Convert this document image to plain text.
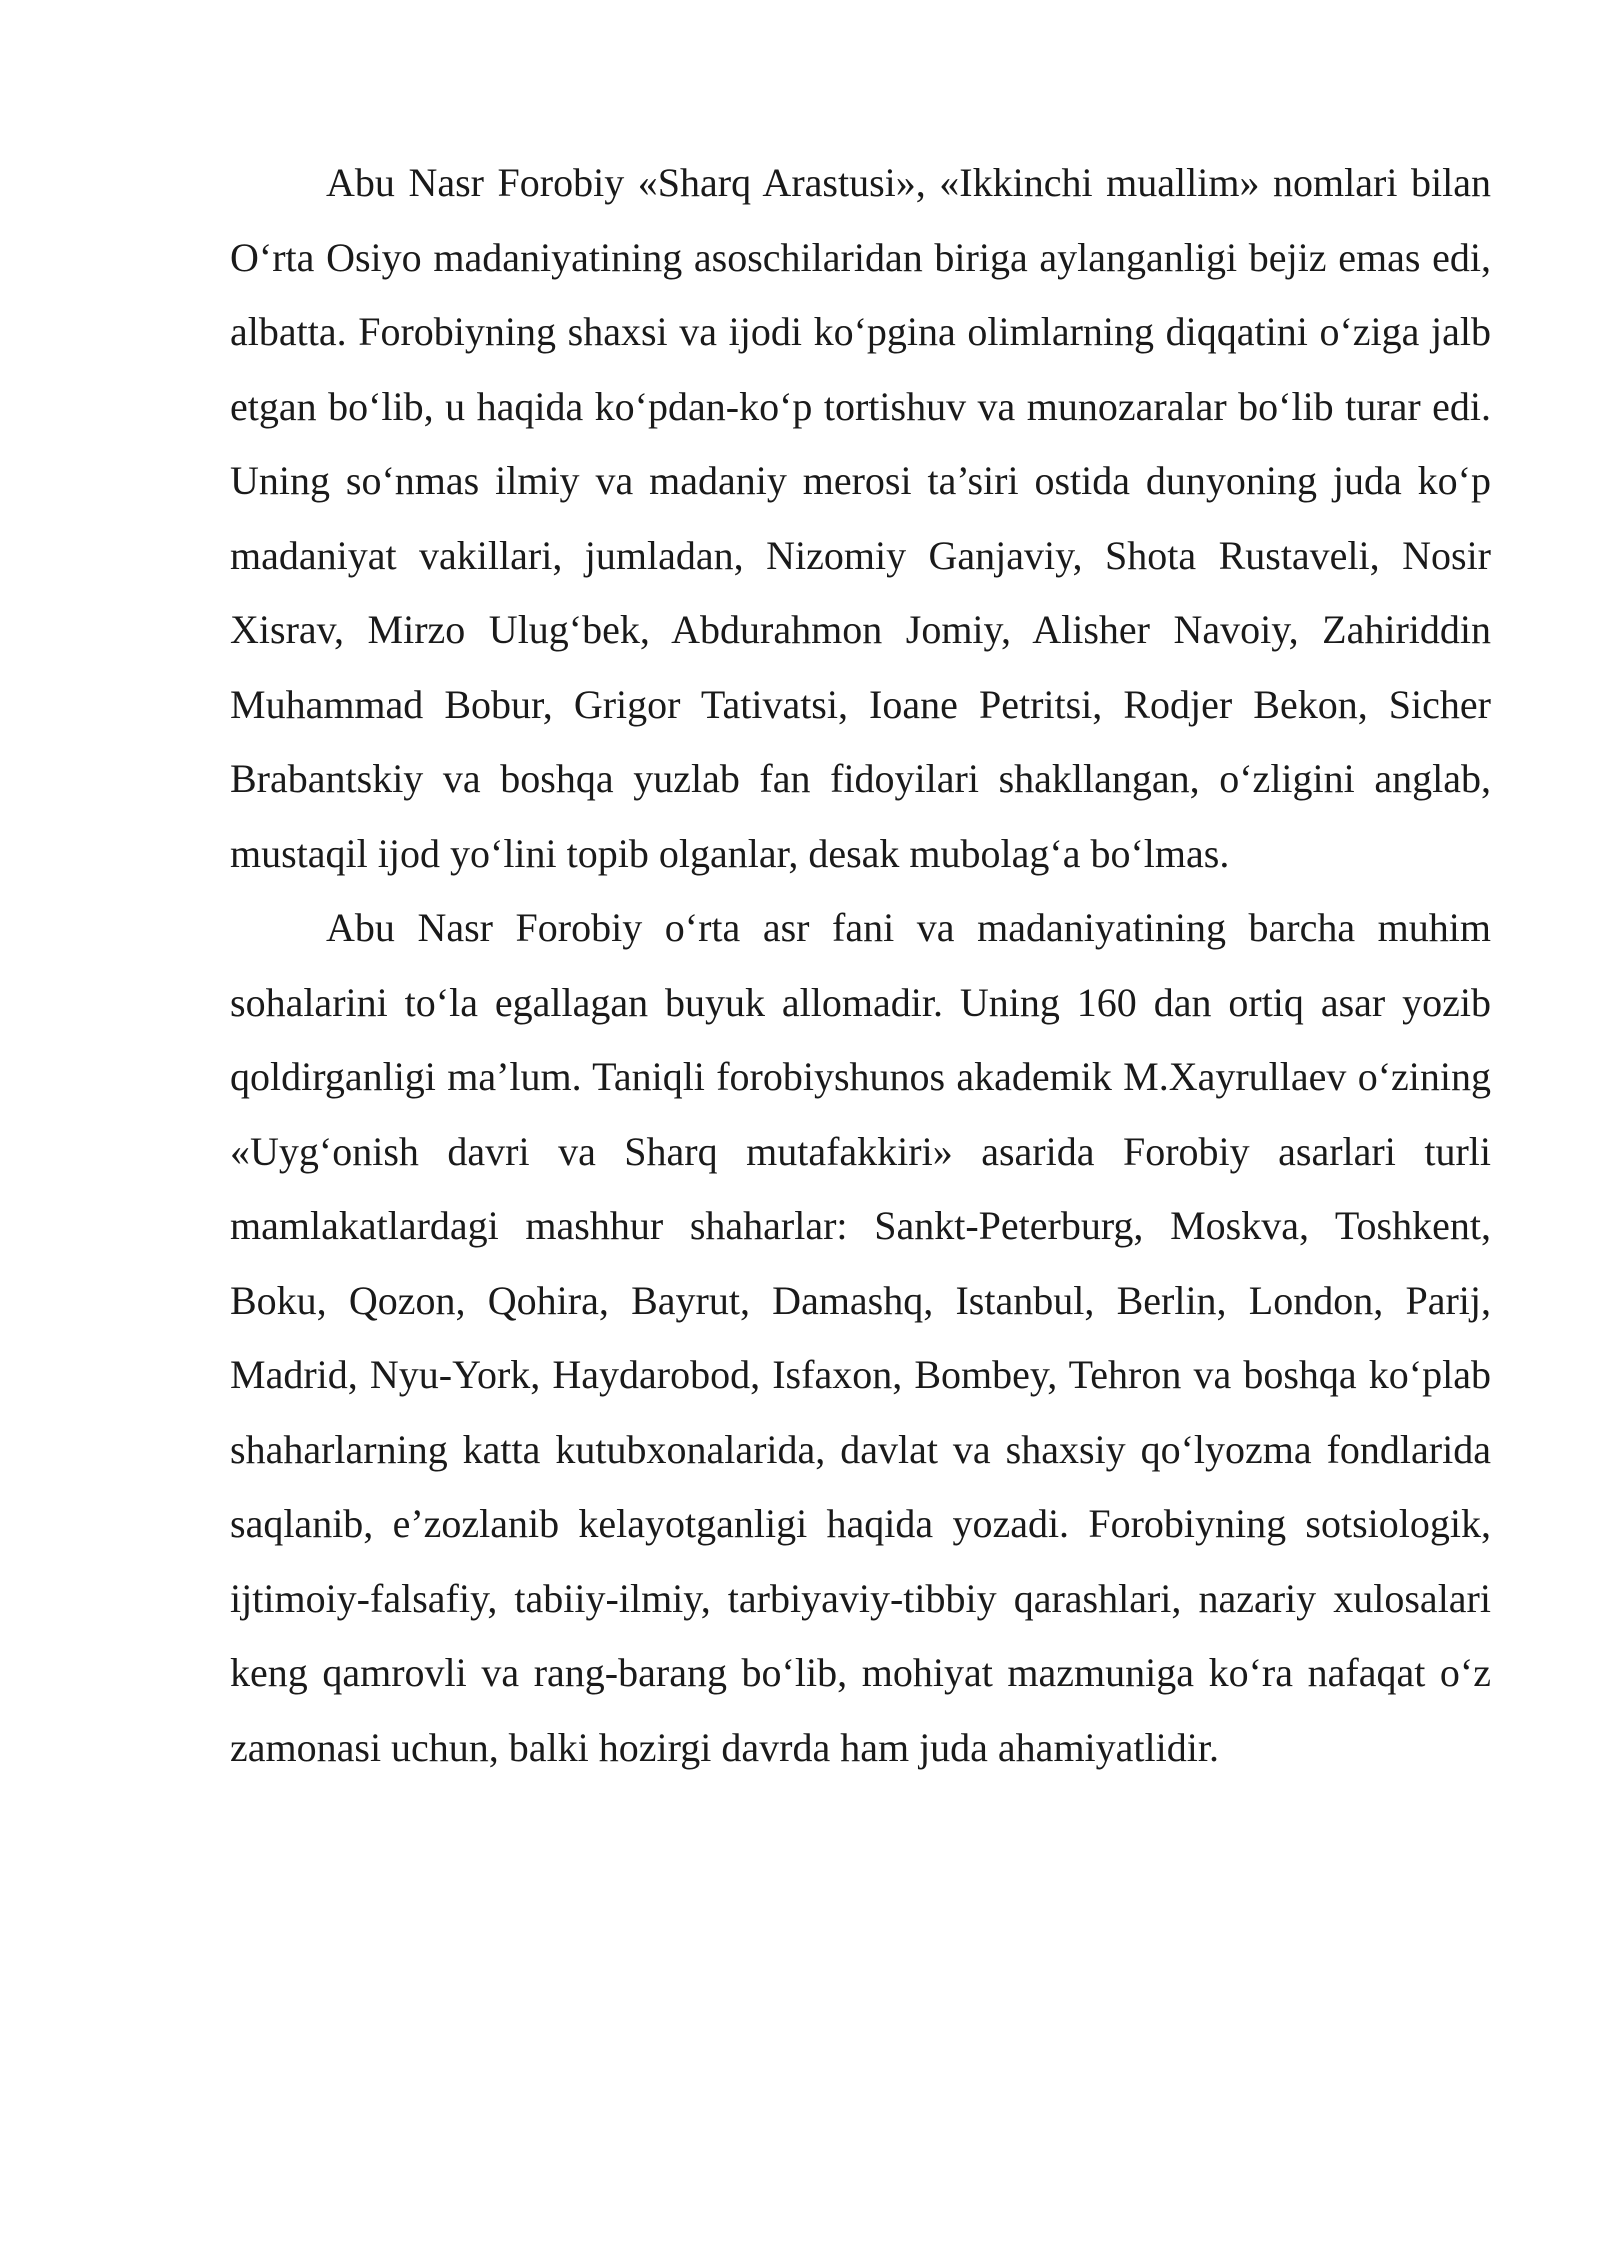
Abu Nasr Forobiy «Sharq Arastusi», «Ikkinchi muallim» nomlari bilan O‘rta Osiyo madaniyatining asoschilaridan biriga aylanganligi bejiz emas edi, albatta. Forobiyning shaxsi va ijodi ko‘pgina olimlarning diqqatini o‘ziga jalb etgan bo‘lib, u haqida ko‘pdan-ko‘p tortishuv va munozaralar bo‘lib turar edi. Uning so‘nmas ilmiy va madaniy merosi ta’siri ostida dunyoning juda ko‘p madaniyat vakillari, jumladan, Nizomiy Ganjaviy, Shota Rustaveli, Nosir Xisrav, Mirzo Ulug‘bek, Abdurahmon Jomiy, Alisher Navoiy, Zahiriddin Muhammad Bobur, Grigor Tativatsi, Ioane Petritsi, Rodjer Bekon, Sicher Brabantskiy va boshqa yuzlab fan fidoyilari shakllangan, o‘zligini anglab, mustaqil ijod yo‘lini topib olganlar, desak mubolag‘a bo‘lmas.

Abu Nasr Forobiy o‘rta asr fani va madaniyatining barcha muhim sohalarini to‘la egallagan buyuk allomadir. Uning 160 dan ortiq asar yozib qoldirganligi ma’lum. Taniqli forobiyshunos akademik M.Xayrullaev o‘zining «Uyg‘onish davri va Sharq mutafakkiri» asarida Forobiy asarlari turli mamlakatlardagi mashhur shaharlar: Sankt-Peterburg, Moskva, Toshkent, Boku, Qozon, Qohira, Bayrut, Damashq, Istanbul, Berlin, London, Parij, Madrid, Nyu-York, Haydarobod, Isfaxon, Bombey, Tehron va boshqa ko‘plab shaharlarning katta kutubxonalarida, davlat va shaxsiy qo‘lyozma fondlarida saqlanib, e’zozlanib kelayotganligi haqida yozadi. Forobiyning sotsiologik, ijtimoiy-falsafiy, tabiiy-ilmiy, tarbiyaviy-tibbiy qarashlari, nazariy xulosalari keng qamrovli va rang-barang bo‘lib, mohiyat mazmuniga ko‘ra nafaqat o‘z zamonasi uchun, balki hozirgi davrda ham juda ahamiyatlidir.
